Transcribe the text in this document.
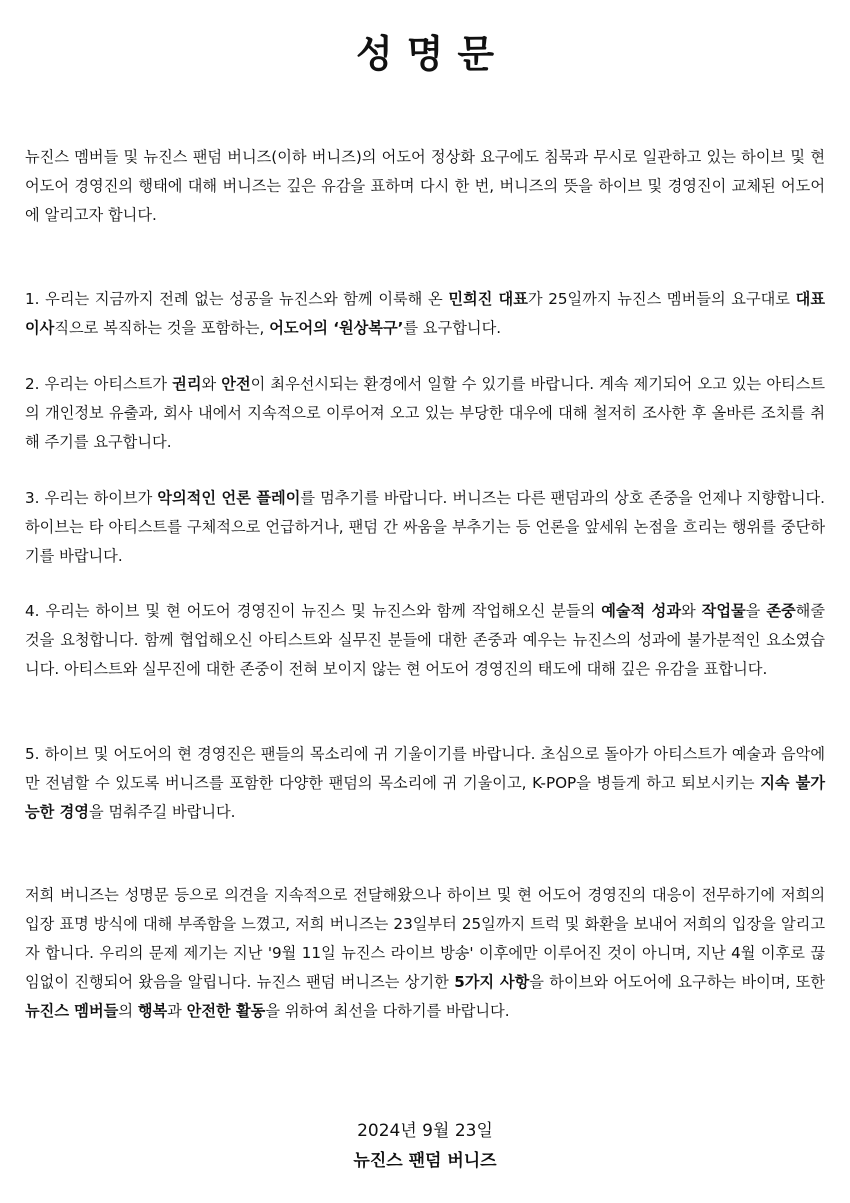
성명문

뉴진스 멤버들 및 뉴진스 팬덤 버니즈(이하 버니즈)의 어도어 정상화 요구에도 침묵과 무시로 일관하고 있는 하이브 및 현 어도어 경영진의 행태에 대해 버니즈는 깊은 유감을 표하며 다시 한 번, 버니즈의 뜻을 하이브 및 경영진이 교체된 어도어에 알리고자 합니다.

1. 우리는 지금까지 전례 없는 성공을 뉴진스와 함께 이룩해 온 민희진 대표가 25일까지 뉴진스 멤버들의 요구대로 대표이사직으로 복직하는 것을 포함하는, 어도어의 ‘원상복구’를 요구합니다.

2. 우리는 아티스트가 권리와 안전이 최우선시되는 환경에서 일할 수 있기를 바랍니다. 계속 제기되어 오고 있는 아티스트의 개인정보 유출과, 회사 내에서 지속적으로 이루어져 오고 있는 부당한 대우에 대해 철저히 조사한 후 올바른 조치를 취해 주기를 요구합니다.

3. 우리는 하이브가 악의적인 언론 플레이를 멈추기를 바랍니다. 버니즈는 다른 팬덤과의 상호 존중을 언제나 지향합니다. 하이브는 타 아티스트를 구체적으로 언급하거나, 팬덤 간 싸움을 부추기는 등 언론을 앞세워 논점을 흐리는 행위를 중단하기를 바랍니다.

4. 우리는 하이브 및 현 어도어 경영진이 뉴진스 및 뉴진스와 함께 작업해오신 분들의 예술적 성과와 작업물을 존중해줄 것을 요청합니다. 함께 협업해오신 아티스트와 실무진 분들에 대한 존중과 예우는 뉴진스의 성과에 불가분적인 요소였습니다. 아티스트와 실무진에 대한 존중이 전혀 보이지 않는 현 어도어 경영진의 태도에 대해 깊은 유감을 표합니다.

5. 하이브 및 어도어의 현 경영진은 팬들의 목소리에 귀 기울이기를 바랍니다. 초심으로 돌아가 아티스트가 예술과 음악에만 전념할 수 있도록 버니즈를 포함한 다양한 팬덤의 목소리에 귀 기울이고, K-POP을 병들게 하고 퇴보시키는 지속 불가능한 경영을 멈춰주길 바랍니다.

저희 버니즈는 성명문 등으로 의견을 지속적으로 전달해왔으나 하이브 및 현 어도어 경영진의 대응이 전무하기에 저희의 입장 표명 방식에 대해 부족함을 느꼈고, 저희 버니즈는 23일부터 25일까지 트럭 및 화환을 보내어 저희의 입장을 알리고자 합니다. 우리의 문제 제기는 지난 '9월 11일 뉴진스 라이브 방송' 이후에만 이루어진 것이 아니며, 지난 4월 이후로 끊임없이 진행되어 왔음을 알립니다. 뉴진스 팬덤 버니즈는 상기한 5가지 사항을 하이브와 어도어에 요구하는 바이며, 또한 뉴진스 멤버들의 행복과 안전한 활동을 위하여 최선을 다하기를 바랍니다.

2024년 9월 23일
뉴진스 팬덤 버니즈
